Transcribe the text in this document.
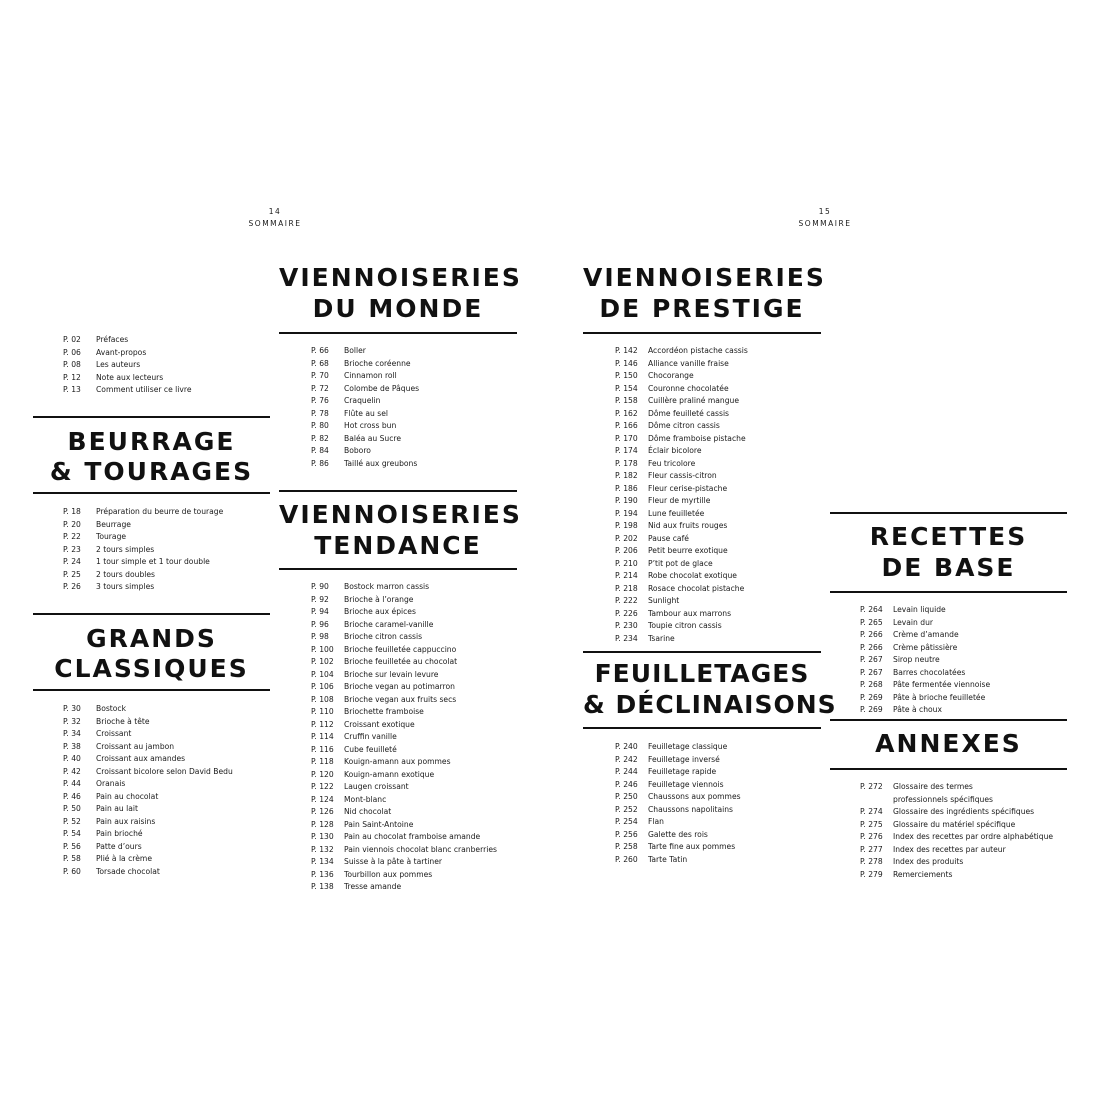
14
SOMMAIRE
15
SOMMAIRE
P. 02	Préfaces
P. 06	Avant-propos
P. 08	Les auteurs
P. 12	Note aux lecteurs
P. 13	Comment utiliser ce livre
BEURRAGE
& TOURAGES
P. 18	Préparation du beurre de tourage
P. 20	Beurrage
P. 22	Tourage
P. 23	2 tours simples
P. 24	1 tour simple et 1 tour double
P. 25	2 tours doubles
P. 26	3 tours simples
GRANDS
CLASSIQUES
P. 30	Bostock
P. 32	Brioche à tête
P. 34	Croissant
P. 38	Croissant au jambon
P. 40	Croissant aux amandes
P. 42	Croissant bicolore selon David Bedu
P. 44	Oranais
P. 46	Pain au chocolat
P. 50	Pain au lait
P. 52	Pain aux raisins
P. 54	Pain brioché
P. 56	Patte d’ours
P. 58	Plié à la crème
P. 60	Torsade chocolat
VIENNOISERIES
DU MONDE
P. 66	Boller
P. 68	Brioche coréenne
P. 70	Cinnamon roll
P. 72	Colombe de Pâques
P. 76	Craquelin
P. 78	Flûte au sel
P. 80	Hot cross bun
P. 82	Baléa au Sucre
P. 84	Boboro
P. 86	Taillé aux greubons
VIENNOISERIES
TENDANCE
P. 90	Bostock marron cassis
P. 92	Brioche à l’orange
P. 94	Brioche aux épices
P. 96	Brioche caramel-vanille
P. 98	Brioche citron cassis
P. 100	Brioche feuilletée cappuccino
P. 102	Brioche feuilletée au chocolat
P. 104	Brioche sur levain levure
P. 106	Brioche vegan au potimarron
P. 108	Brioche vegan aux fruits secs
P. 110	Briochette framboise
P. 112	Croissant exotique
P. 114	Cruffin vanille
P. 116	Cube feuilleté
P. 118	Kouign-amann aux pommes
P. 120	Kouign-amann exotique
P. 122	Laugen croissant
P. 124	Mont-blanc
P. 126	Nid chocolat
P. 128	Pain Saint-Antoine
P. 130	Pain au chocolat framboise amande
P. 132	Pain viennois chocolat blanc cranberries
P. 134	Suisse à la pâte à tartiner
P. 136	Tourbillon aux pommes
P. 138	Tresse amande
VIENNOISERIES
DE PRESTIGE
P. 142	Accordéon pistache cassis
P. 146	Alliance vanille fraise
P. 150	Chocorange
P. 154	Couronne chocolatée
P. 158	Cuillère praliné mangue
P. 162	Dôme feuilleté cassis
P. 166	Dôme citron cassis
P. 170	Dôme framboise pistache
P. 174	Éclair bicolore
P. 178	Feu tricolore
P. 182	Fleur cassis-citron
P. 186	Fleur cerise-pistache
P. 190	Fleur de myrtille
P. 194	Lune feuilletée
P. 198	Nid aux fruits rouges
P. 202	Pause café
P. 206	Petit beurre exotique
P. 210	P’tit pot de glace
P. 214	Robe chocolat exotique
P. 218	Rosace chocolat pistache
P. 222	Sunlight
P. 226	Tambour aux marrons
P. 230	Toupie citron cassis
P. 234	Tsarine
FEUILLETAGES
& DÉCLINAISONS
P. 240	Feuilletage classique
P. 242	Feuilletage inversé
P. 244	Feuilletage rapide
P. 246	Feuilletage viennois
P. 250	Chaussons aux pommes
P. 252	Chaussons napolitains
P. 254	Flan
P. 256	Galette des rois
P. 258	Tarte fine aux pommes
P. 260	Tarte Tatin
RECETTES
DE BASE
P. 264	Levain liquide
P. 265	Levain dur
P. 266	Crème d’amande
P. 266	Crème pâtissière
P. 267	Sirop neutre
P. 267	Barres chocolatées
P. 268	Pâte fermentée viennoise
P. 269	Pâte à brioche feuilletée
P. 269	Pâte à choux
ANNEXES
P. 272	Glossaire des termes
professionnels spécifiques
P. 274	Glossaire des ingrédients spécifiques
P. 275	Glossaire du matériel spécifique
P. 276	Index des recettes par ordre alphabétique
P. 277	Index des recettes par auteur
P. 278	Index des produits
P. 279	Remerciements
